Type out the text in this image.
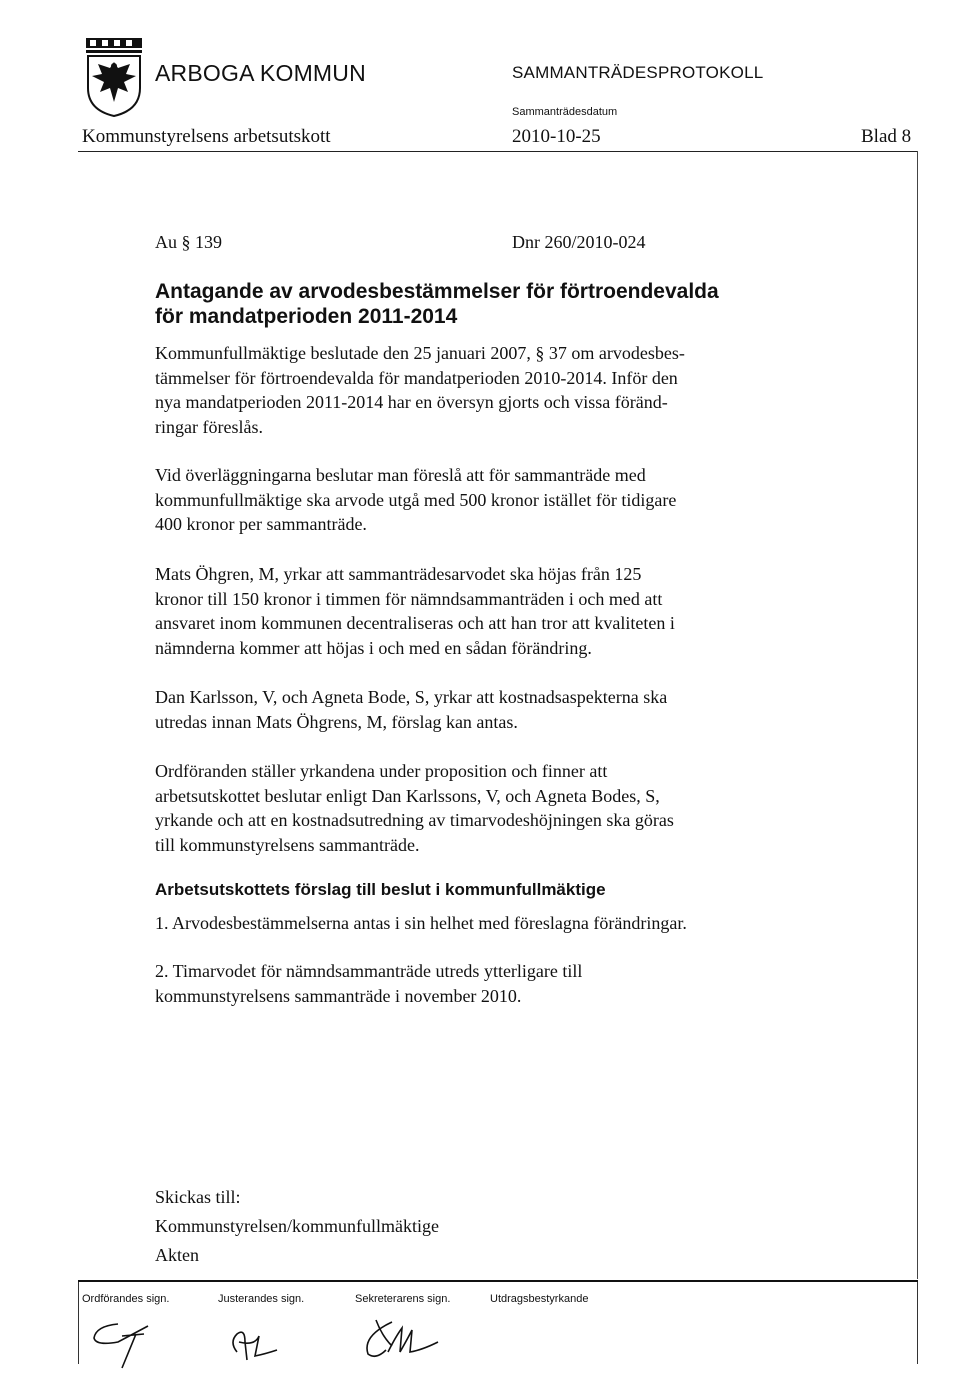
ARBOGA KOMMUN	SAMMANTRÄDESPROTOKOLL
Sammanträdesdatum
Kommunstyrelsens arbetsutskott	2010-10-25	Blad 8
Au § 139	Dnr 260/2010-024
Antagande av arvodesbestämmelser för förtroendevalda
för mandatperioden 2011-2014
Kommunfullmäktige beslutade den 25 januari 2007, § 37 om arvodesbes-
tämmelser för förtroendevalda för mandatperioden 2010-2014. Inför den
nya mandatperioden 2011-2014 har en översyn gjorts och vissa föränd-
ringar föreslås.
Vid överläggningarna beslutar man föreslå att för sammanträde med
kommunfullmäktige ska arvode utgå med 500 kronor istället för tidigare
400 kronor per sammanträde.
Mats Öhgren, M, yrkar att sammanträdesarvodet ska höjas från 125
kronor till 150 kronor i timmen för nämndsammanträden i och med att
ansvaret inom kommunen decentraliseras och att han tror att kvaliteten i
nämnderna kommer att höjas i och med en sådan förändring.
Dan Karlsson, V, och Agneta Bode, S, yrkar att kostnadsaspekterna ska
utredas innan Mats Öhgrens, M, förslag kan antas.
Ordföranden ställer yrkandena under proposition och finner att
arbetsutskottet beslutar enligt Dan Karlssons, V, och Agneta Bodes, S,
yrkande och att en kostnadsutredning av timarvodeshöjningen ska göras
till kommunstyrelsens sammanträde.
Arbetsutskottets förslag till beslut i kommunfullmäktige
1. Arvodesbestämmelserna antas i sin helhet med föreslagna förändringar.
2. Timarvodet för nämndsammanträde utreds ytterligare till
kommunstyrelsens sammanträde i november 2010.
Skickas till:
Kommunstyrelsen/kommunfullmäktige
Akten
Ordförandes sign.	Justerandes sign.	Sekreterarens sign.	Utdragsbestyrkande
